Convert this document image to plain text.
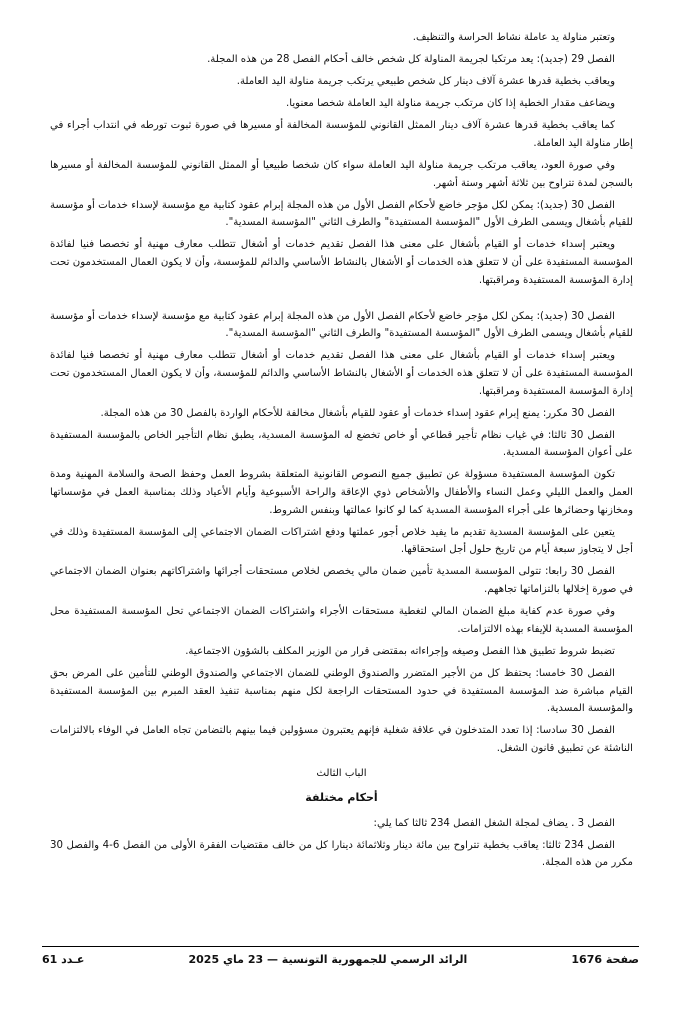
وتعتبر مناولة يد عاملة نشاط الحراسة والتنظيف.

الفصل 29 (جديد): يعد مرتكبا لجريمة المناولة كل شخص خالف أحكام الفصل 28 من هذه المجلة.

ويعاقب بخطية قدرها عشرة آلاف دينار كل شخص طبيعي يرتكب جريمة مناولة اليد العاملة.

ويضاعف مقدار الخطية إذا كان مرتكب جريمة مناولة اليد العاملة شخصا معنويا.

كما يعاقب بخطية قدرها عشرة آلاف دينار الممثل القانوني للمؤسسة المخالفة أو مسيرها في صورة ثبوت تورطه في انتداب أجراء في إطار مناولة اليد العاملة.

وفي صورة العود، يعاقب مرتكب جريمة مناولة اليد العاملة سواء كان شخصا طبيعيا أو الممثل القانوني للمؤسسة المخالفة أو مسيرها بالسجن لمدة تتراوح بين ثلاثة أشهر وستة أشهر.

الفصل 30 (جديد): يمكن لكل مؤجر خاضع لأحكام الفصل الأول من هذه المجلة إبرام عقود كتابية مع مؤسسة لإسداء خدمات أو مؤسسة للقيام بأشغال ويسمى الطرف الأول "المؤسسة المستفيدة" والطرف الثاني "المؤسسة المسدية".

ويعتبر إسداء خدمات أو القيام بأشغال على معنى هذا الفصل تقديم خدمات أو أشغال تتطلب معارف مهنية أو تخصصا فنيا لفائدة المؤسسة المستفيدة على أن لا تتعلق هذه الخدمات أو الأشغال بالنشاط الأساسي والدائم للمؤسسة، وأن لا يكون العمال المستخدمون تحت إدارة المؤسسة المستفيدة ومراقبتها.

الفصل 30 (جديد): يمكن لكل مؤجر خاضع لأحكام الفصل الأول من هذه المجلة إبرام عقود كتابية مع مؤسسة لإسداء خدمات أو مؤسسة للقيام بأشغال ويسمى الطرف الأول "المؤسسة المستفيدة" والطرف الثاني "المؤسسة المسدية".

ويعتبر إسداء خدمات أو القيام بأشغال على معنى هذا الفصل تقديم خدمات أو أشغال تتطلب معارف مهنية أو تخصصا فنيا لفائدة المؤسسة المستفيدة على أن لا تتعلق هذه الخدمات أو الأشغال بالنشاط الأساسي والدائم للمؤسسة، وأن لا يكون العمال المستخدمون تحت إدارة المؤسسة المستفيدة ومراقبتها.

الفصل 30 مكرر: يمنع إبرام عقود إسداء خدمات أو عقود للقيام بأشغال مخالفة للأحكام الواردة بالفصل 30 من هذه المجلة.

الفصل 30 ثالثا: في غياب نظام تأجير قطاعي أو خاص تخضع له المؤسسة المسدية، يطبق نظام التأجير الخاص بالمؤسسة المستفيدة على أعوان المؤسسة المسدية.

تكون المؤسسة المستفيدة مسؤولة عن تطبيق جميع النصوص القانونية المتعلقة بشروط العمل وحفظ الصحة والسلامة المهنية ومدة العمل والعمل الليلي وعمل النساء والأطفال والأشخاص ذوي الإعاقة والراحة الأسبوعية وأيام الأعياد وذلك بمناسبة العمل في مؤسساتها ومخازنها وحضائرها على أجراء المؤسسة المسدية كما لو كانوا عمالتها وبنفس الشروط.

يتعين على المؤسسة المسدية تقديم ما يفيد خلاص أجور عملتها ودفع اشتراكات الضمان الاجتماعي إلى المؤسسة المستفيدة وذلك في أجل لا يتجاوز سبعة أيام من تاريخ حلول أجل استحقاقها.

الفصل 30 رابعا: تتولى المؤسسة المسدية تأمين ضمان مالي يخصص لخلاص مستحقات أجرائها واشتراكاتهم بعنوان الضمان الاجتماعي في صورة إخلالها بالتزاماتها تجاههم.

وفي صورة عدم كفاية مبلغ الضمان المالي لتغطية مستحقات الأجراء واشتراكات الضمان الاجتماعي تحل المؤسسة المستفيدة محل المؤسسة المسدية للإيفاء بهذه الالتزامات.

تضبط شروط تطبيق هذا الفصل وصيغه وإجراءاته بمقتضى قرار من الوزير المكلف بالشؤون الاجتماعية.

الفصل 30 خامسا: يحتفظ كل من الأجير المتضرر والصندوق الوطني للضمان الاجتماعي والصندوق الوطني للتأمين على المرض بحق القيام مباشرة ضد المؤسسة المستفيدة في حدود المستحقات الراجعة لكل منهم بمناسبة تنفيذ العقد المبرم بين المؤسسة المستفيدة والمؤسسة المسدية.

الفصل 30 سادسا: إذا تعدد المتدخلون في علاقة شغلية فإنهم يعتبرون مسؤولين فيما بينهم بالتضامن تجاه العامل في الوفاء بالالتزامات الناشئة عن تطبيق قانون الشغل.

الباب الثالث

أحكام مختلفة

الفصل 3 . يضاف لمجلة الشغل الفصل 234 ثالثا كما يلي:

الفصل 234 ثالثا: يعاقب بخطية تتراوح بين مائة دينار وثلاثمائة دينارا كل من خالف مقتضيات الفقرة الأولى من الفصل 6-4 والفصل 30 مكرر من هذه المجلة.

صفحة 1676
الرائد الرسمي للجمهورية التونسية — 23 ماي 2025
عـدد 61
